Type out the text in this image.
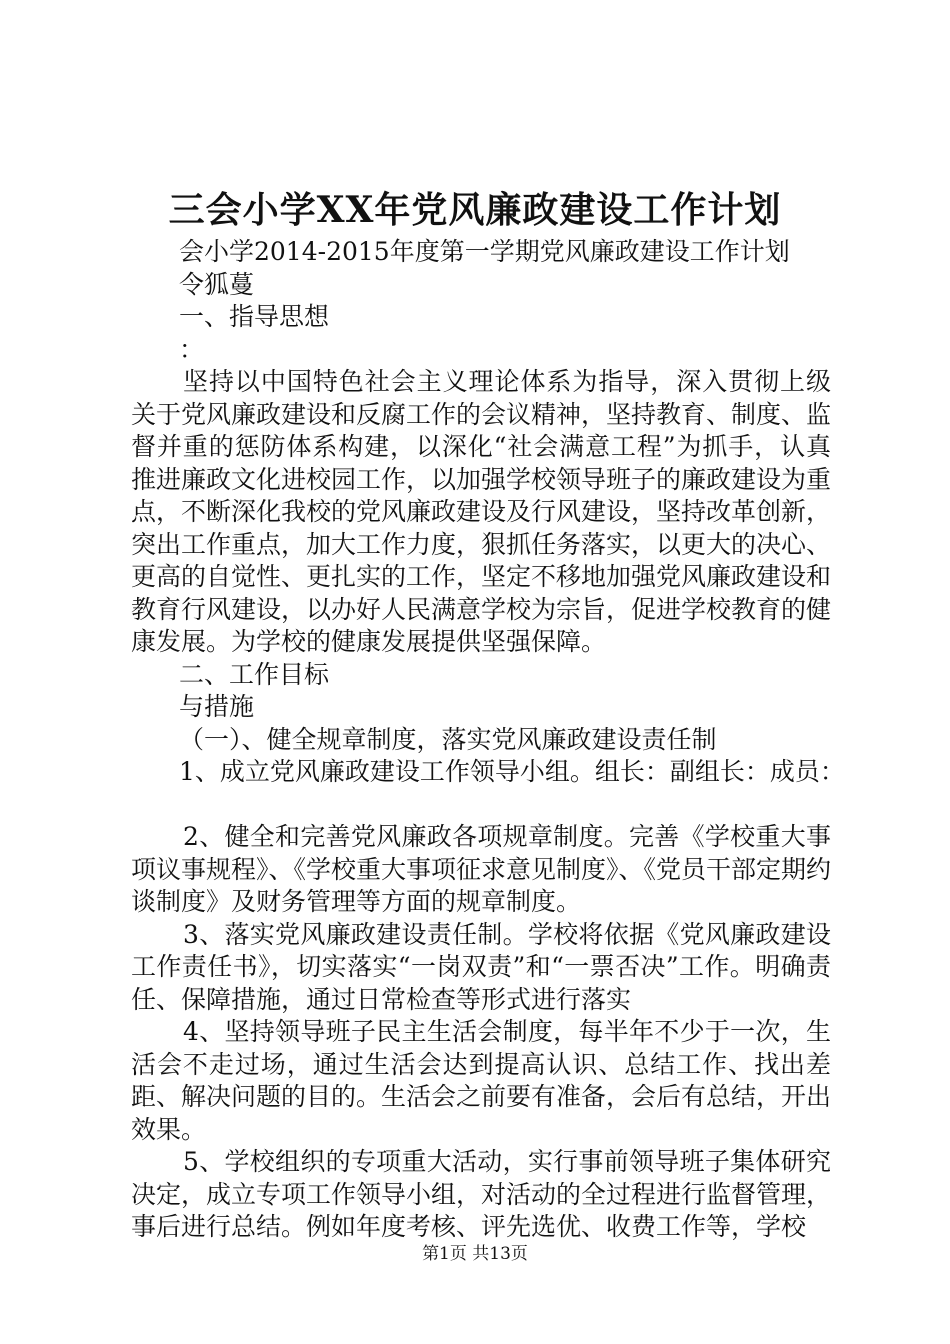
三会小学XX年党风廉政建设工作计划
会小学2014-2015年度第一学期党风廉政建设工作计划
令狐蔓
一、指导思想
：
坚持以中国特色社会主义理论体系为指导，深入贯彻上级关于党风廉政建设和反腐工作的会议精神，坚持教育、制度、监督并重的惩防体系构建，以深化“社会满意工程”为抓手，认真推进廉政文化进校园工作，以加强学校领导班子的廉政建设为重点，不断深化我校的党风廉政建设及行风建设，坚持改革创新，突出工作重点，加大工作力度，狠抓任务落实，以更大的决心、更高的自觉性、更扎实的工作，坚定不移地加强党风廉政建设和教育行风建设，以办好人民满意学校为宗旨，促进学校教育的健康发展。为学校的健康发展提供坚强保障。
二、工作目标
与措施
（一）、健全规章制度，落实党风廉政建设责任制
1、成立党风廉政建设工作领导小组。组长：副组长：成员：
2、健全和完善党风廉政各项规章制度。完善《学校重大事项议事规程》、《学校重大事项征求意见制度》、《党员干部定期约谈制度》及财务管理等方面的规章制度。
3、落实党风廉政建设责任制。学校将依据《党风廉政建设工作责任书》，切实落实“一岗双责”和“一票否决”工作。明确责任、保障措施，通过日常检查等形式进行落实
4、坚持领导班子民主生活会制度，每半年不少于一次，生活会不走过场，通过生活会达到提高认识、总结工作、找出差距、解决问题的目的。生活会之前要有准备，会后有总结，开出效果。
5、学校组织的专项重大活动，实行事前领导班子集体研究决定，成立专项工作领导小组，对活动的全过程进行监督管理，事后进行总结。例如年度考核、评先选优、收费工作等，学校
第1页 共13页
